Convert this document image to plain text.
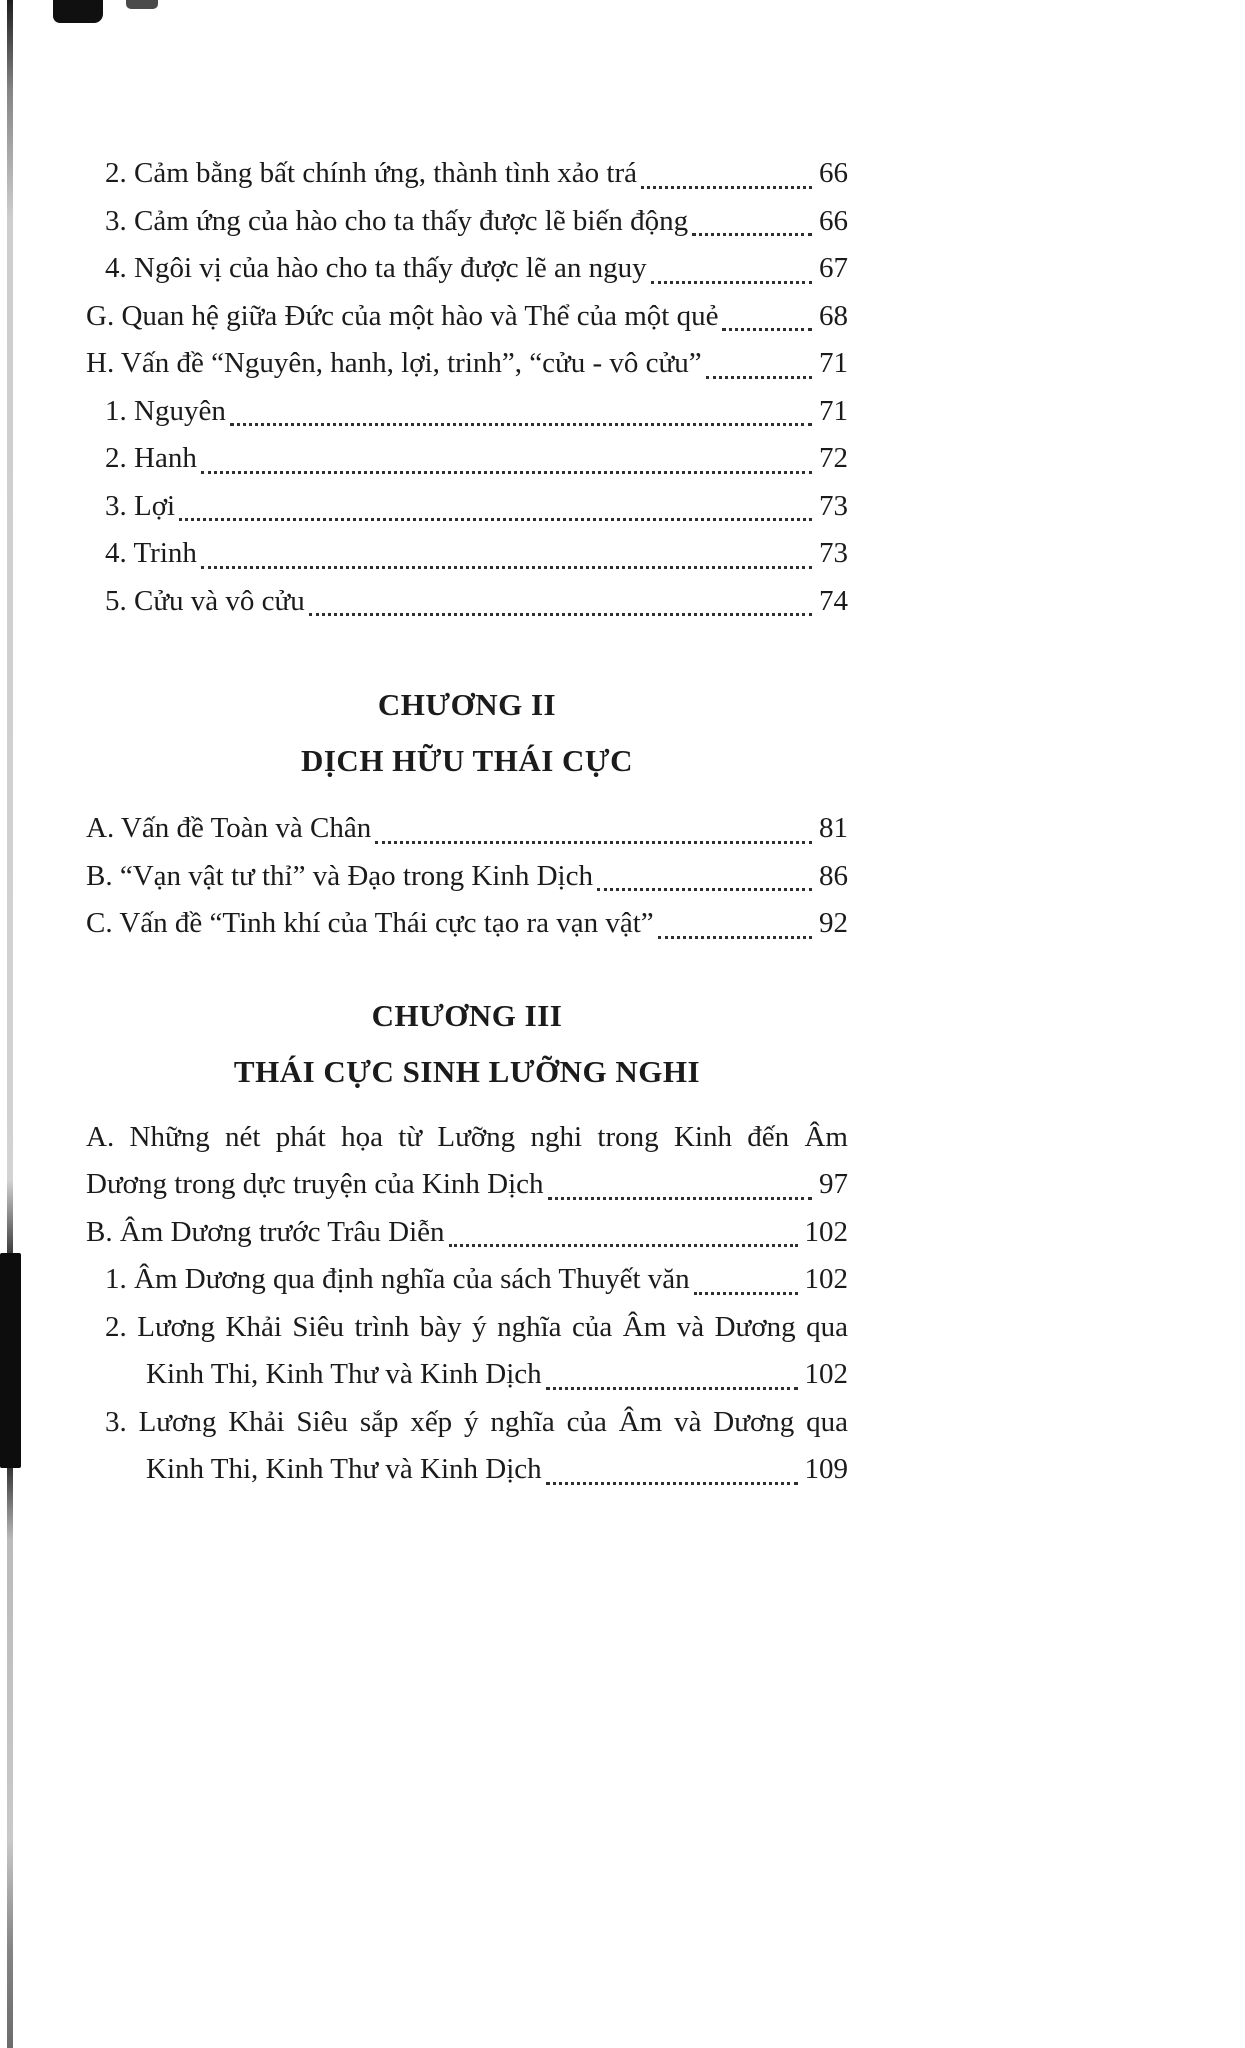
2. Cảm bằng bất chính ứng, thành tình xảo trá	66
3. Cảm ứng của hào cho ta thấy được lẽ biến động	66
4. Ngôi vị của hào cho ta thấy được lẽ an nguy	67
G. Quan hệ giữa Đức của một hào và Thể của một quẻ	68
H. Vấn đề “Nguyên, hanh, lợi, trinh”, “cửu - vô cửu”	71
1. Nguyên	71
2. Hanh	72
3. Lợi	73
4. Trinh	73
5. Cửu và vô cửu	74
CHƯƠNG II
DỊCH HỮU THÁI CỰC
A. Vấn đề Toàn và Chân	81
B. “Vạn vật tư thỉ” và Đạo trong Kinh Dịch	86
C. Vấn đề “Tinh khí của Thái cực tạo ra vạn vật”	92
CHƯƠNG III
THÁI CỰC SINH LƯỠNG NGHI
A. Những nét phát họa từ Lưỡng nghi trong Kinh đến Âm
Dương trong dực truyện của Kinh Dịch	97
B. Âm Dương trước Trâu Diễn	102
1. Âm Dương qua định nghĩa của sách Thuyết văn	102
2. Lương Khải Siêu trình bày ý nghĩa của Âm và Dương qua
Kinh Thi, Kinh Thư và Kinh Dịch	102
3. Lương Khải Siêu sắp xếp ý nghĩa của Âm và Dương qua
Kinh Thi, Kinh Thư và Kinh Dịch	109
